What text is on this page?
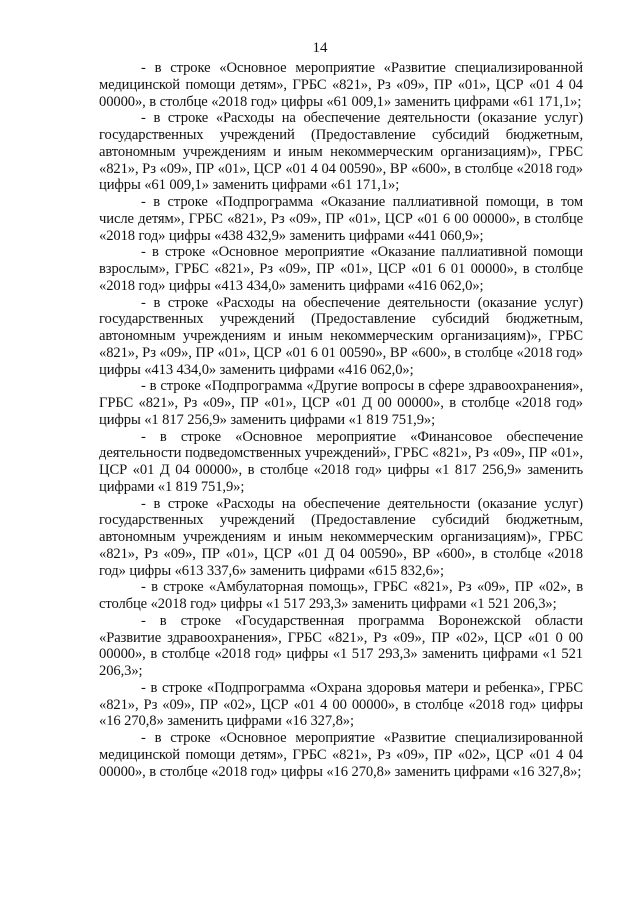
14

- в строке «Основное мероприятие «Развитие специализированной медицинской помощи детям», ГРБС «821», Рз «09», ПР «01», ЦСР «01 4 04 00000», в столбце «2018 год» цифры «61 009,1» заменить цифрами «61 171,1»;

- в строке «Расходы на обеспечение деятельности (оказание услуг) государственных учреждений (Предоставление субсидий бюджетным, автономным учреждениям и иным некоммерческим организациям)», ГРБС «821», Рз «09», ПР «01», ЦСР «01 4 04 00590», ВР «600», в столбце «2018 год» цифры «61 009,1» заменить цифрами «61 171,1»;

- в строке «Подпрограмма «Оказание паллиативной помощи, в том числе детям», ГРБС «821», Рз «09», ПР «01», ЦСР «01 6 00 00000», в столбце «2018 год» цифры «438 432,9» заменить цифрами «441 060,9»;

- в строке «Основное мероприятие «Оказание паллиативной помощи взрослым», ГРБС «821», Рз «09», ПР «01», ЦСР «01 6 01 00000», в столбце «2018 год» цифры «413 434,0» заменить цифрами «416 062,0»;

- в строке «Расходы на обеспечение деятельности (оказание услуг) государственных учреждений (Предоставление субсидий бюджетным, автономным учреждениям и иным некоммерческим организациям)», ГРБС «821», Рз «09», ПР «01», ЦСР «01 6 01 00590», ВР «600», в столбце «2018 год» цифры «413 434,0» заменить цифрами «416 062,0»;

- в строке «Подпрограмма «Другие вопросы в сфере здравоохранения», ГРБС «821», Рз «09», ПР «01», ЦСР «01 Д 00 00000», в столбце «2018 год» цифры «1 817 256,9» заменить цифрами «1 819 751,9»;

- в строке «Основное мероприятие «Финансовое обеспечение деятельности подведомственных учреждений», ГРБС «821», Рз «09», ПР «01», ЦСР «01 Д 04 00000», в столбце «2018 год» цифры «1 817 256,9» заменить цифрами «1 819 751,9»;

- в строке «Расходы на обеспечение деятельности (оказание услуг) государственных учреждений (Предоставление субсидий бюджетным, автономным учреждениям и иным некоммерческим организациям)», ГРБС «821», Рз «09», ПР «01», ЦСР «01 Д 04 00590», ВР «600», в столбце «2018 год» цифры «613 337,6» заменить цифрами «615 832,6»;

- в строке «Амбулаторная помощь», ГРБС «821», Рз «09», ПР «02», в столбце «2018 год» цифры «1 517 293,3» заменить цифрами «1 521 206,3»;

- в строке «Государственная программа Воронежской области «Развитие здравоохранения», ГРБС «821», Рз «09», ПР «02», ЦСР «01 0 00 00000», в столбце «2018 год» цифры «1 517 293,3» заменить цифрами «1 521 206,3»;

- в строке «Подпрограмма «Охрана здоровья матери и ребенка», ГРБС «821», Рз «09», ПР «02», ЦСР «01 4 00 00000», в столбце «2018 год» цифры «16 270,8» заменить цифрами «16 327,8»;

- в строке «Основное мероприятие «Развитие специализированной медицинской помощи детям», ГРБС «821», Рз «09», ПР «02», ЦСР «01 4 04 00000», в столбце «2018 год» цифры «16 270,8» заменить цифрами «16 327,8»;
